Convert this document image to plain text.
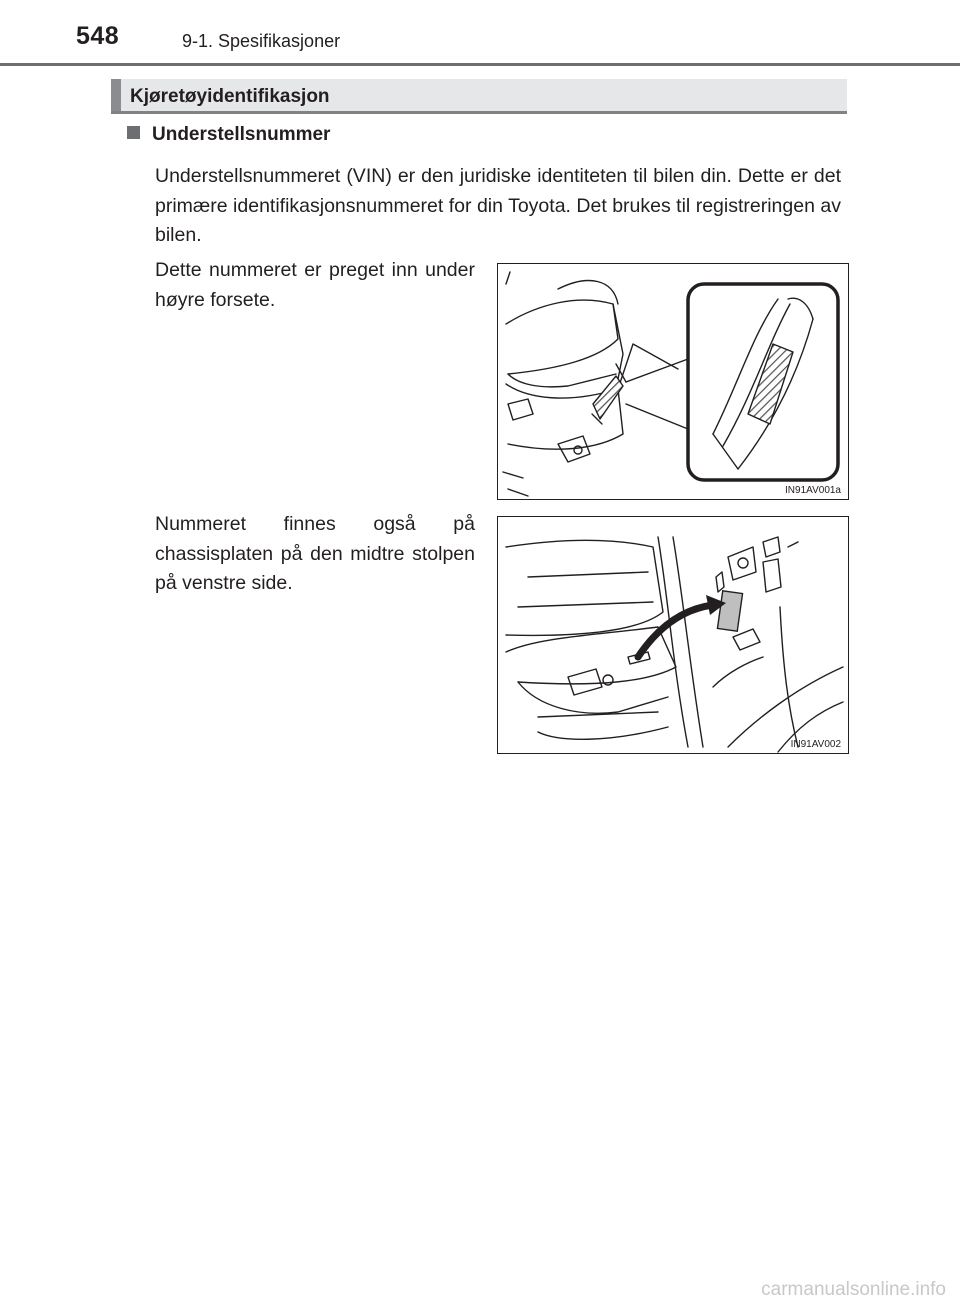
548	9-1. Spesifikasjoner
Kjøretøyidentifikasjon
Understellsnummer
Understellsnummeret (VIN) er den juridiske identiteten til bilen din. Dette er det primære identifikasjonsnummeret for din Toyota. Det brukes til registreringen av bilen.
Dette nummeret er preget inn under høyre forsete.
Nummeret finnes også på chassisplaten på den midtre stolpen på venstre side.
IN91AV001a
IN91AV002
carmanualsonline.info
